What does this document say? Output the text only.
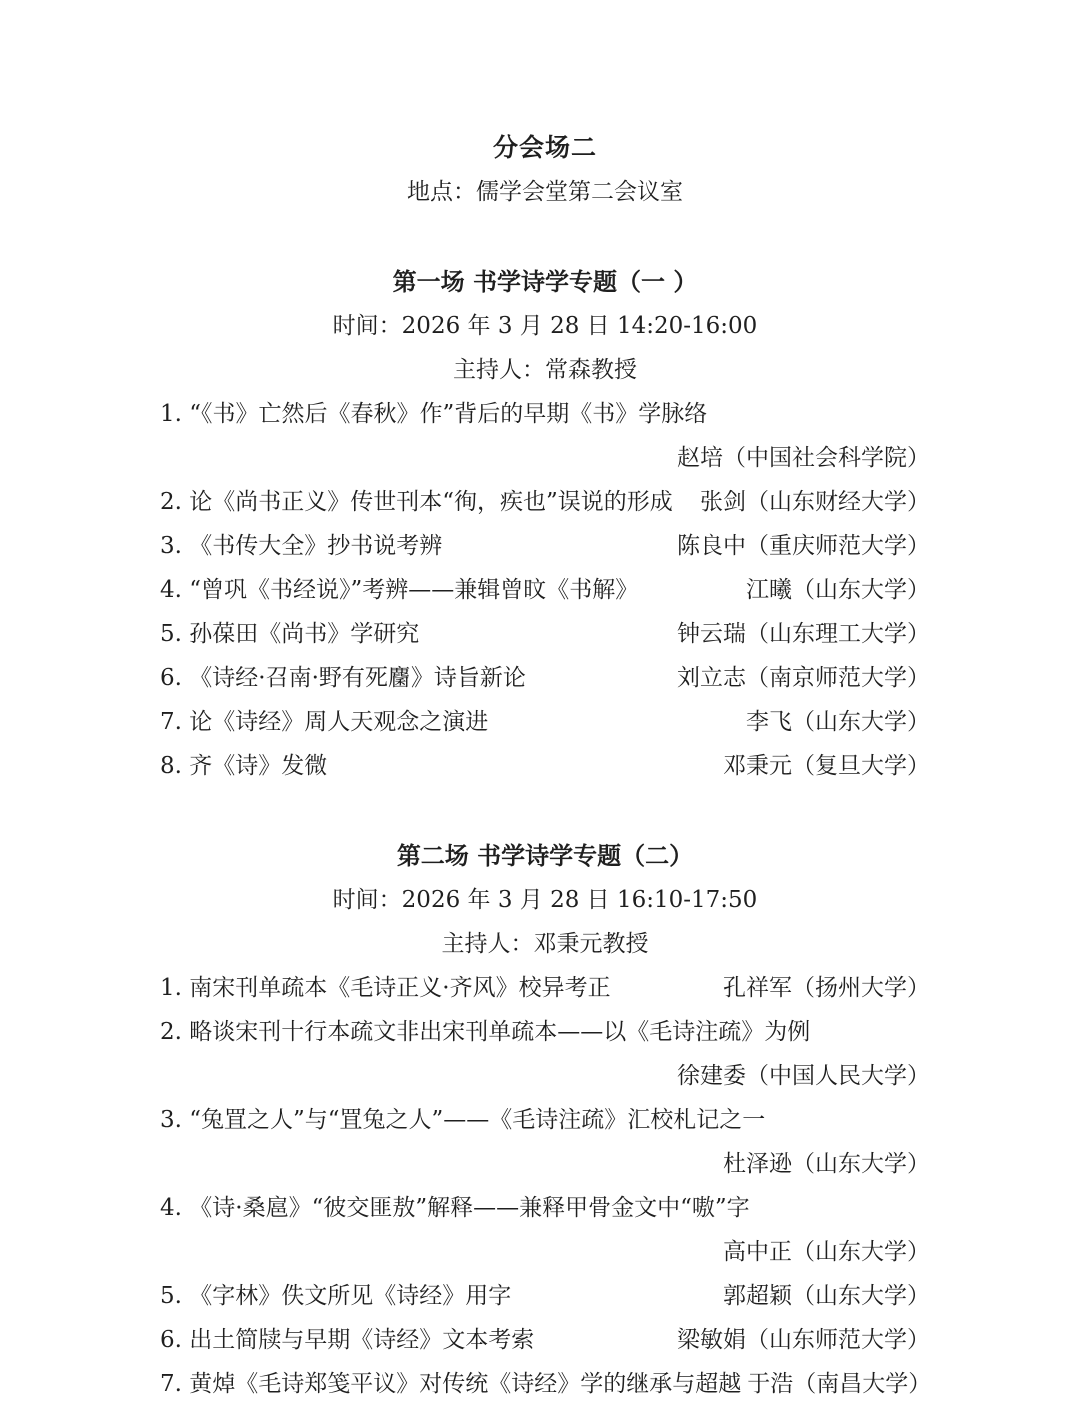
分会场二
地点：儒学会堂第二会议室
第一场 书学诗学专题（一 ）
时间：2026 年 3 月 28 日 14:20-16:00
主持人：常森教授
1. “《书》亡然后《春秋》作”背后的早期《书》学脉络
赵培（中国社会科学院）
2. 论《尚书正义》传世刊本“徇，疾也”误说的形成 张剑（山东财经大学）
3. 《书传大全》抄书说考辨	陈良中（重庆师范大学）
4. “曾巩《书经说》”考辨——兼辑曾旼《书解》	江曦（山东大学）
5. 孙葆田《尚书》学研究	钟云瑞（山东理工大学）
6. 《诗经·召南·野有死麕》诗旨新论	刘立志（南京师范大学）
7. 论《诗经》周人天观念之演进	李飞（山东大学）
8. 齐《诗》发微	邓秉元（复旦大学）
第二场 书学诗学专题（二）
时间：2026 年 3 月 28 日 16:10-17:50
主持人：邓秉元教授
1. 南宋刊单疏本《毛诗正义·齐风》校异考正	孔祥军（扬州大学）
2. 略谈宋刊十行本疏文非出宋刊单疏本——以《毛诗注疏》为例
徐建委（中国人民大学）
3. “兔罝之人”与“罝兔之人”——《毛诗注疏》汇校札记之一
杜泽逊（山东大学）
4. 《诗·桑扈》“彼交匪敖”解释——兼释甲骨金文中“嗷”字
高中正（山东大学）
5. 《字林》佚文所见《诗经》用字	郭超颖（山东大学）
6. 出土简牍与早期《诗经》文本考索	梁敏娟（山东师范大学）
7. 黄焯《毛诗郑笺平议》对传统《诗经》学的继承与超越 于浩（南昌大学）
